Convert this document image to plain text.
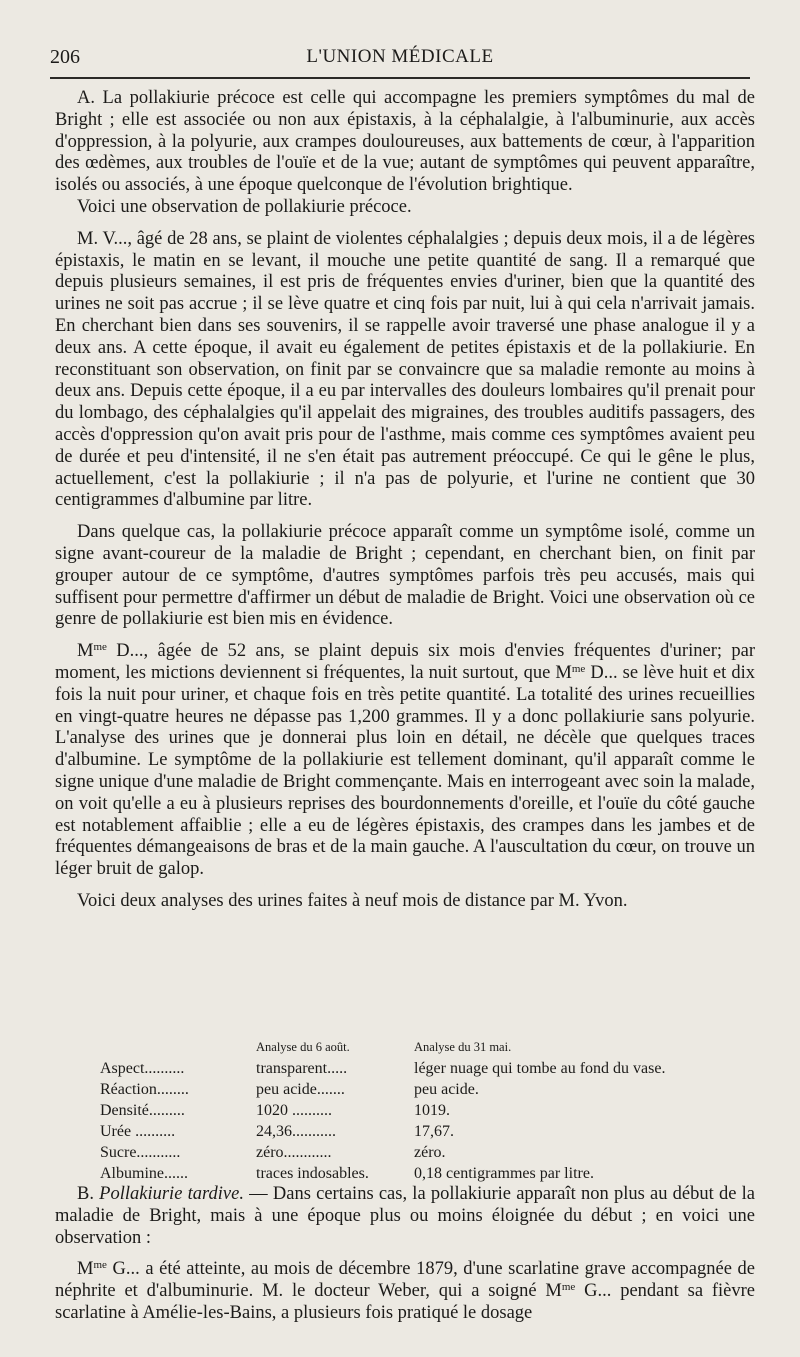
206	L'UNION MÉDICALE

A. La pollakiurie précoce est celle qui accompagne les premiers symptômes du mal de Bright ; elle est associée ou non aux épistaxis, à la céphalalgie, à l'albuminurie, aux accès d'oppression, à la polyurie, aux crampes douloureuses, aux battements de cœur, à l'apparition des œdèmes, aux troubles de l'ouïe et de la vue; autant de symptômes qui peuvent apparaître, isolés ou associés, à une époque quelconque de l'évolution brightique.

Voici une observation de pollakiurie précoce.

M. V..., âgé de 28 ans, se plaint de violentes céphalalgies ; depuis deux mois, il a de légères épistaxis, le matin en se levant, il mouche une petite quantité de sang. Il a remarqué que depuis plusieurs semaines, il est pris de fréquentes envies d'uriner, bien que la quantité des urines ne soit pas accrue ; il se lève quatre et cinq fois par nuit, lui à qui cela n'arrivait jamais. En cherchant bien dans ses souvenirs, il se rappelle avoir traversé une phase analogue il y a deux ans. A cette époque, il avait eu également de petites épistaxis et de la pollakiurie. En reconstituant son observation, on finit par se convaincre que sa maladie remonte au moins à deux ans. Depuis cette époque, il a eu par intervalles des douleurs lombaires qu'il prenait pour du lombago, des céphalalgies qu'il appelait des migraines, des troubles auditifs passagers, des accès d'oppression qu'on avait pris pour de l'asthme, mais comme ces symptômes avaient peu de durée et peu d'intensité, il ne s'en était pas autrement préoccupé. Ce qui le gêne le plus, actuellement, c'est la pollakiurie ; il n'a pas de polyurie, et l'urine ne contient que 30 centigrammes d'albumine par litre.

Dans quelque cas, la pollakiurie précoce apparaît comme un symptôme isolé, comme un signe avant-coureur de la maladie de Bright ; cependant, en cherchant bien, on finit par grouper autour de ce symptôme, d'autres symptômes parfois très peu accusés, mais qui suffisent pour permettre d'affirmer un début de maladie de Bright. Voici une observation où ce genre de pollakiurie est bien mis en évidence.

$M^{me}$ D..., âgée de 52 ans, se plaint depuis six mois d'envies fréquentes d'uriner; par moment, les mictions deviennent si fréquentes, la nuit surtout, que $M^{me}$ D... se lève huit et dix fois la nuit pour uriner, et chaque fois en très petite quantité. La totalité des urines recueillies en vingt-quatre heures ne dépasse pas 1,200 grammes. Il y a donc pollakiurie sans polyurie. L'analyse des urines que je donnerai plus loin en détail, ne décèle que quelques traces d'albumine. Le symptôme de la pollakiurie est tellement dominant, qu'il apparaît comme le signe unique d'une maladie de Bright commençante. Mais en interrogeant avec soin la malade, on voit qu'elle a eu à plusieurs reprises des bourdonnements d'oreille, et l'ouïe du côté gauche est notablement affaiblie ; elle a eu de légères épistaxis, des crampes dans les jambes et de fréquentes démangeaisons de bras et de la main gauche. A l'auscultation du cœur, on trouve un léger bruit de galop.

Voici deux analyses des urines faites à neuf mois de distance par M. Yvon.

	Analyse du 6 août.	Analyse du 31 mai.
Aspect..........	transparent.....	léger nuage qui tombe au fond du vase.
Réaction........	peu acide.......	peu acide.
Densité.........	1020 ..........	1019.
Urée ..........	24,36...........	17,67.
Sucre...........	zéro............	zéro.
Albumine......	traces indosables.	0,18 centigrammes par litre.

B. Pollakiurie tardive. — Dans certains cas, la pollakiurie apparaît non plus au début de la maladie de Bright, mais à une époque plus ou moins éloignée du début ; en voici une observation :

$M^{me}$ G... a été atteinte, au mois de décembre 1879, d'une scarlatine grave accompagnée de néphrite et d'albuminurie. M. le docteur Weber, qui a soigné $M^{me}$ G... pendant sa fièvre scarlatine à Amélie-les-Bains, a plusieurs fois pratiqué le dosage
